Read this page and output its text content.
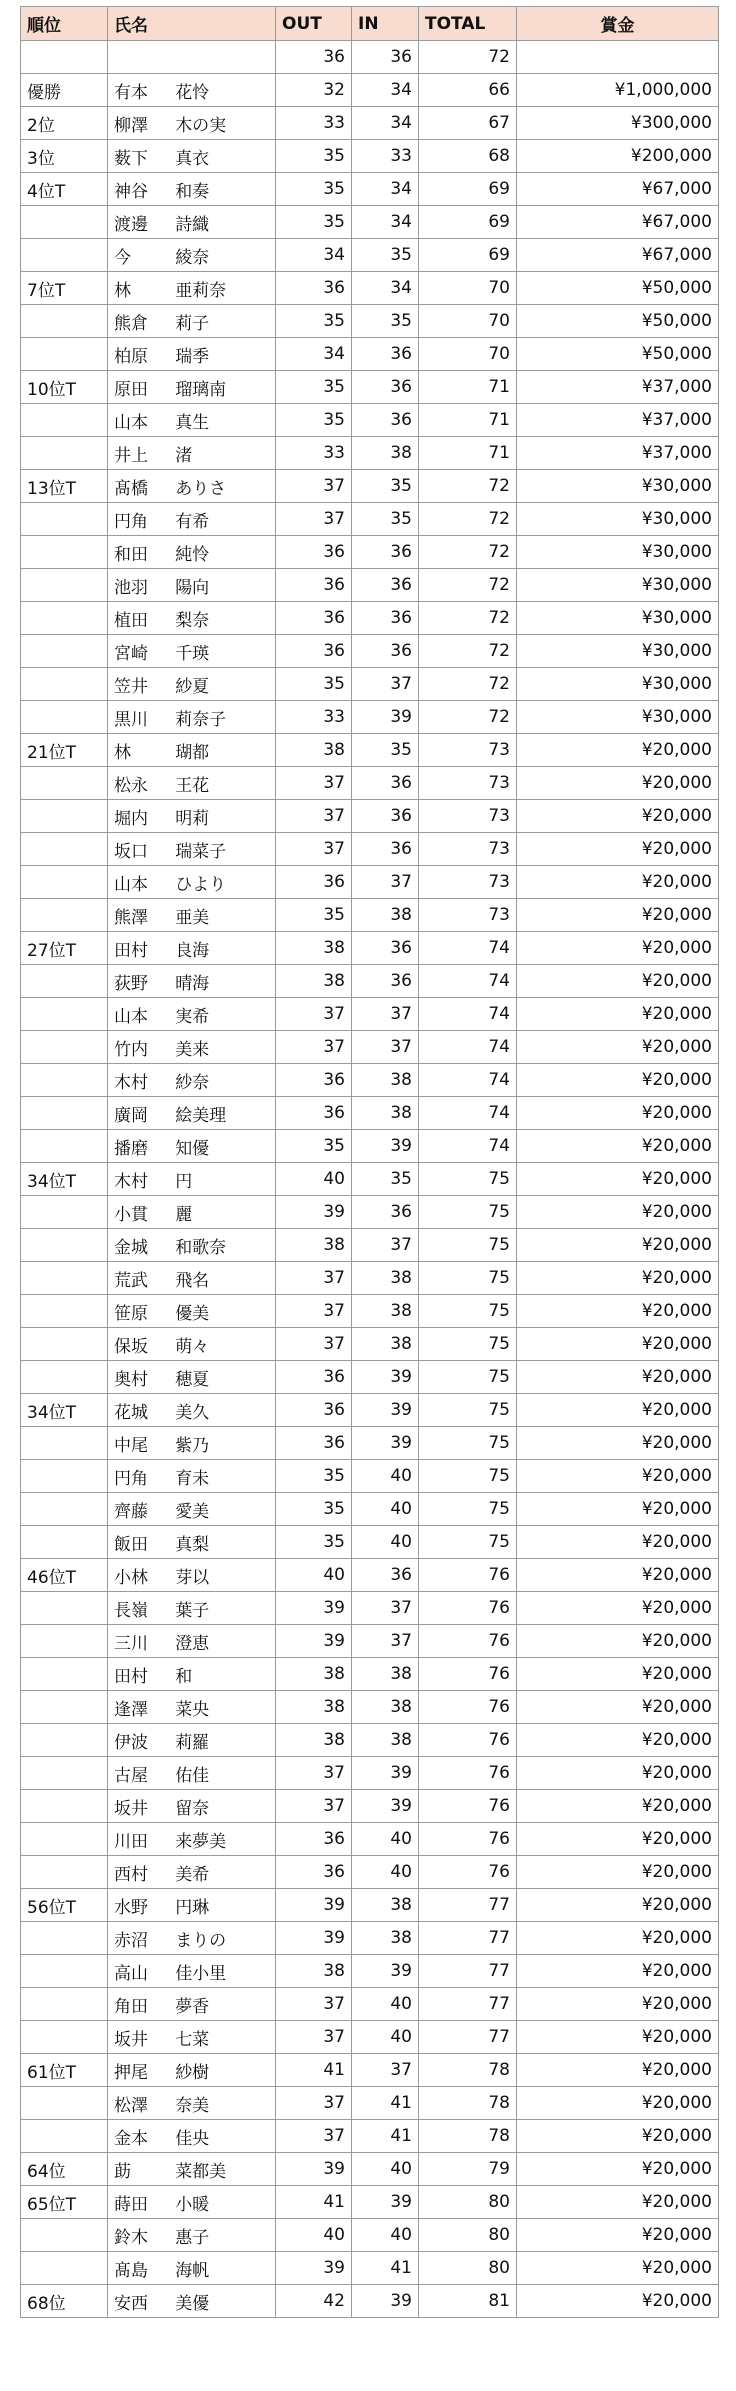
順位	氏名	OUT	IN	TOTAL	賞金
		36	36	72	
優勝	有本 花怜	32	34	66	¥1,000,000
2位	柳澤 木の実	33	34	67	¥300,000
3位	薮下 真衣	35	33	68	¥200,000
4位T	神谷 和奏	35	34	69	¥67,000
	渡邊 詩織	35	34	69	¥67,000
	今 綾奈	34	35	69	¥67,000
7位T	林 亜莉奈	36	34	70	¥50,000
	熊倉 莉子	35	35	70	¥50,000
	柏原 瑞季	34	36	70	¥50,000
10位T	原田 瑠璃南	35	36	71	¥37,000
	山本 真生	35	36	71	¥37,000
	井上 渚	33	38	71	¥37,000
13位T	髙橋 ありさ	37	35	72	¥30,000
	円角 有希	37	35	72	¥30,000
	和田 純怜	36	36	72	¥30,000
	池羽 陽向	36	36	72	¥30,000
	植田 梨奈	36	36	72	¥30,000
	宮崎 千瑛	36	36	72	¥30,000
	笠井 紗夏	35	37	72	¥30,000
	黒川 莉奈子	33	39	72	¥30,000
21位T	林 瑚都	38	35	73	¥20,000
	松永 王花	37	36	73	¥20,000
	堀内 明莉	37	36	73	¥20,000
	坂口 瑞菜子	37	36	73	¥20,000
	山本 ひより	36	37	73	¥20,000
	熊澤 亜美	35	38	73	¥20,000
27位T	田村 良海	38	36	74	¥20,000
	荻野 晴海	38	36	74	¥20,000
	山本 実希	37	37	74	¥20,000
	竹内 美来	37	37	74	¥20,000
	木村 紗奈	36	38	74	¥20,000
	廣岡 絵美理	36	38	74	¥20,000
	播磨 知優	35	39	74	¥20,000
34位T	木村 円	40	35	75	¥20,000
	小貫 麗	39	36	75	¥20,000
	金城 和歌奈	38	37	75	¥20,000
	荒武 飛名	37	38	75	¥20,000
	笹原 優美	37	38	75	¥20,000
	保坂 萌々	37	38	75	¥20,000
	奥村 穂夏	36	39	75	¥20,000
34位T	花城 美久	36	39	75	¥20,000
	中尾 紫乃	36	39	75	¥20,000
	円角 育未	35	40	75	¥20,000
	齊藤 愛美	35	40	75	¥20,000
	飯田 真梨	35	40	75	¥20,000
46位T	小林 芽以	40	36	76	¥20,000
	長嶺 葉子	39	37	76	¥20,000
	三川 澄恵	39	37	76	¥20,000
	田村 和	38	38	76	¥20,000
	逢澤 菜央	38	38	76	¥20,000
	伊波 莉羅	38	38	76	¥20,000
	古屋 佑佳	37	39	76	¥20,000
	坂井 留奈	37	39	76	¥20,000
	川田 来夢美	36	40	76	¥20,000
	西村 美希	36	40	76	¥20,000
56位T	水野 円琳	39	38	77	¥20,000
	赤沼 まりの	39	38	77	¥20,000
	高山 佳小里	38	39	77	¥20,000
	角田 夢香	37	40	77	¥20,000
	坂井 七菜	37	40	77	¥20,000
61位T	押尾 紗樹	41	37	78	¥20,000
	松澤 奈美	37	41	78	¥20,000
	金本 佳央	37	41	78	¥20,000
64位	莇 菜都美	39	40	79	¥20,000
65位T	蒔田 小暖	41	39	80	¥20,000
	鈴木 惠子	40	40	80	¥20,000
	髙島 海帆	39	41	80	¥20,000
68位	安西 美優	42	39	81	¥20,000
